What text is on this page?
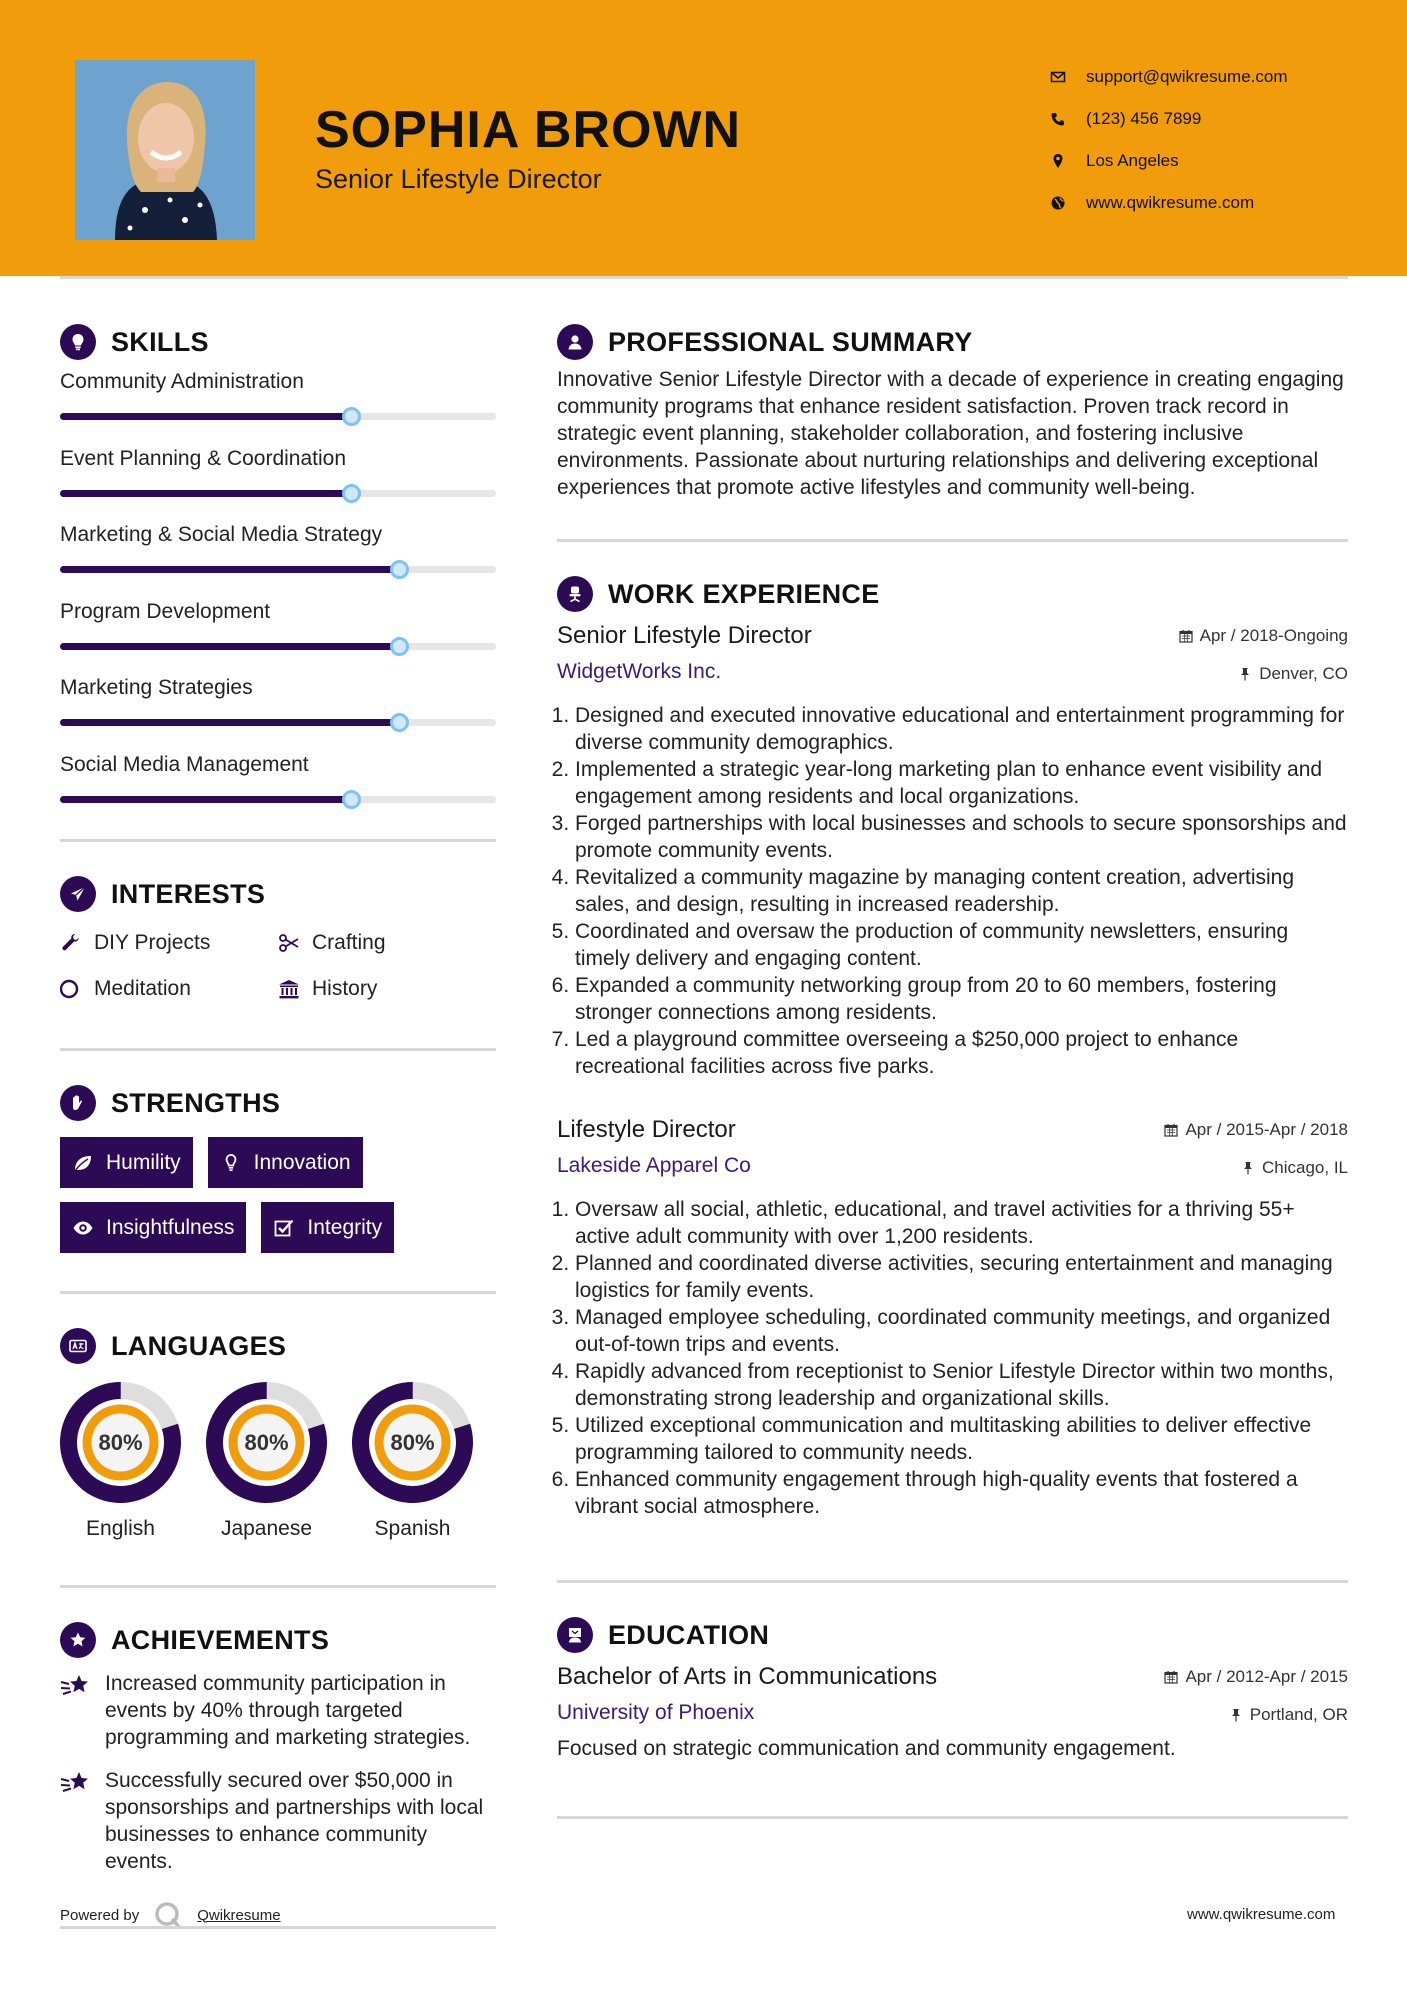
SOPHIA BROWN
Senior Lifestyle Director
support@qwikresume.com
(123) 456 7899
Los Angeles
www.qwikresume.com
SKILLS
Community Administration
Event Planning & Coordination
Marketing & Social Media Strategy
Program Development
Marketing Strategies
Social Media Management
INTERESTS
DIY Projects	Crafting
Meditation	History
STRENGTHS
Humility	Innovation
Insightfulness	Integrity
LANGUAGES
80%
English
80%
Japanese
80%
Spanish
ACHIEVEMENTS
Increased community participation in events by 40% through targeted programming and marketing strategies.
Successfully secured over $50,000 in sponsorships and partnerships with local businesses to enhance community events.
Powered by	Qwikresume	www.qwikresume.com
PROFESSIONAL SUMMARY

Innovative Senior Lifestyle Director with a decade of experience in creating engaging community programs that enhance resident satisfaction. Proven track record in strategic event planning, stakeholder collaboration, and fostering inclusive environments. Passionate about nurturing relationships and delivering exceptional experiences that promote active lifestyles and community well-being.

WORK EXPERIENCE
Senior Lifestyle Director	Apr / 2018-Ongoing
WidgetWorks Inc.	Denver, CO
1. Designed and executed innovative educational and entertainment programming for diverse community demographics.
2. Implemented a strategic year-long marketing plan to enhance event visibility and engagement among residents and local organizations.
3. Forged partnerships with local businesses and schools to secure sponsorships and promote community events.
4. Revitalized a community magazine by managing content creation, advertising sales, and design, resulting in increased readership.
5. Coordinated and oversaw the production of community newsletters, ensuring timely delivery and engaging content.
6. Expanded a community networking group from 20 to 60 members, fostering stronger connections among residents.
7. Led a playground committee overseeing a $250,000 project to enhance recreational facilities across five parks.
Lifestyle Director	Apr / 2015-Apr / 2018
Lakeside Apparel Co	Chicago, IL
1. Oversaw all social, athletic, educational, and travel activities for a thriving 55+ active adult community with over 1,200 residents.
2. Planned and coordinated diverse activities, securing entertainment and managing logistics for family events.
3. Managed employee scheduling, coordinated community meetings, and organized out-of-town trips and events.
4. Rapidly advanced from receptionist to Senior Lifestyle Director within two months, demonstrating strong leadership and organizational skills.
5. Utilized exceptional communication and multitasking abilities to deliver effective programming tailored to community needs.
6. Enhanced community engagement through high-quality events that fostered a vibrant social atmosphere.
EDUCATION
Bachelor of Arts in Communications	Apr / 2012-Apr / 2015
University of Phoenix	Portland, OR

Focused on strategic communication and community engagement.
